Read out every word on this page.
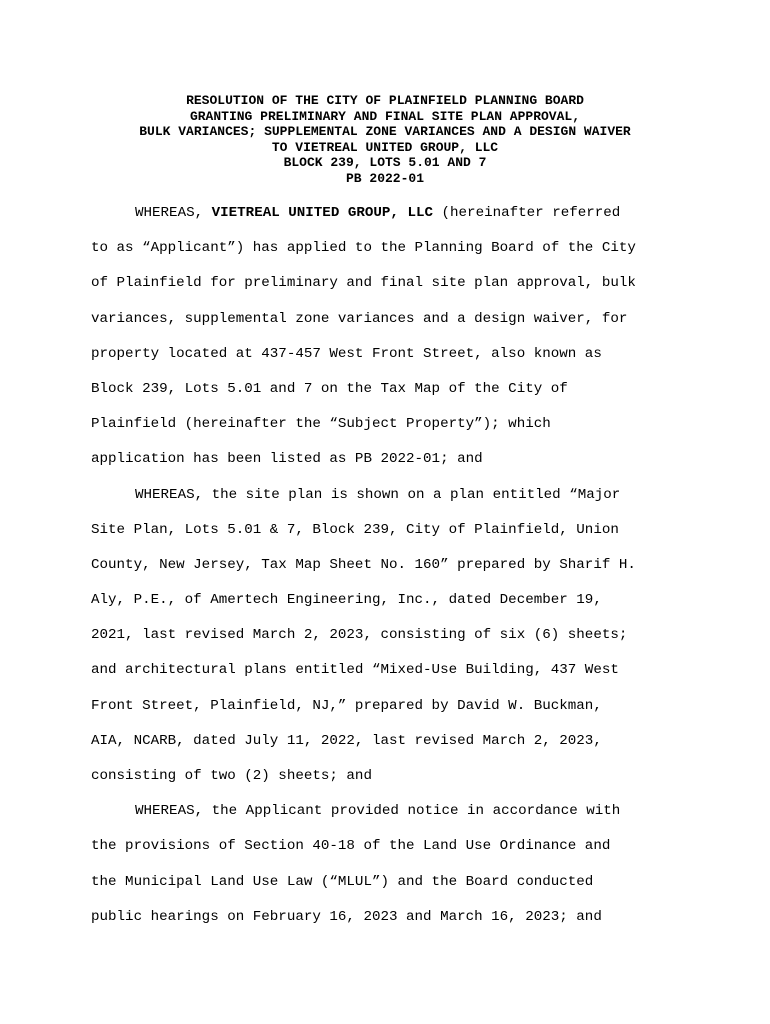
RESOLUTION OF THE CITY OF PLAINFIELD PLANNING BOARD
GRANTING PRELIMINARY AND FINAL SITE PLAN APPROVAL,
BULK VARIANCES; SUPPLEMENTAL ZONE VARIANCES AND A DESIGN WAIVER
TO VIETREAL UNITED GROUP, LLC
BLOCK 239, LOTS 5.01 AND 7
PB 2022-01
WHEREAS, VIETREAL UNITED GROUP, LLC (hereinafter referred
to as “Applicant”) has applied to the Planning Board of the City
of Plainfield for preliminary and final site plan approval, bulk
variances, supplemental zone variances and a design waiver, for
property located at 437-457 West Front Street, also known as
Block 239, Lots 5.01 and 7 on the Tax Map of the City of
Plainfield (hereinafter the “Subject Property”); which
application has been listed as PB 2022-01; and
WHEREAS, the site plan is shown on a plan entitled “Major
Site Plan, Lots 5.01 & 7, Block 239, City of Plainfield, Union
County, New Jersey, Tax Map Sheet No. 160” prepared by Sharif H.
Aly, P.E., of Amertech Engineering, Inc., dated December 19,
2021, last revised March 2, 2023, consisting of six (6) sheets;
and architectural plans entitled “Mixed-Use Building, 437 West
Front Street, Plainfield, NJ,” prepared by David W. Buckman,
AIA, NCARB, dated July 11, 2022, last revised March 2, 2023,
consisting of two (2) sheets; and
WHEREAS, the Applicant provided notice in accordance with
the provisions of Section 40-18 of the Land Use Ordinance and
the Municipal Land Use Law (“MLUL”) and the Board conducted
public hearings on February 16, 2023 and March 16, 2023; and
